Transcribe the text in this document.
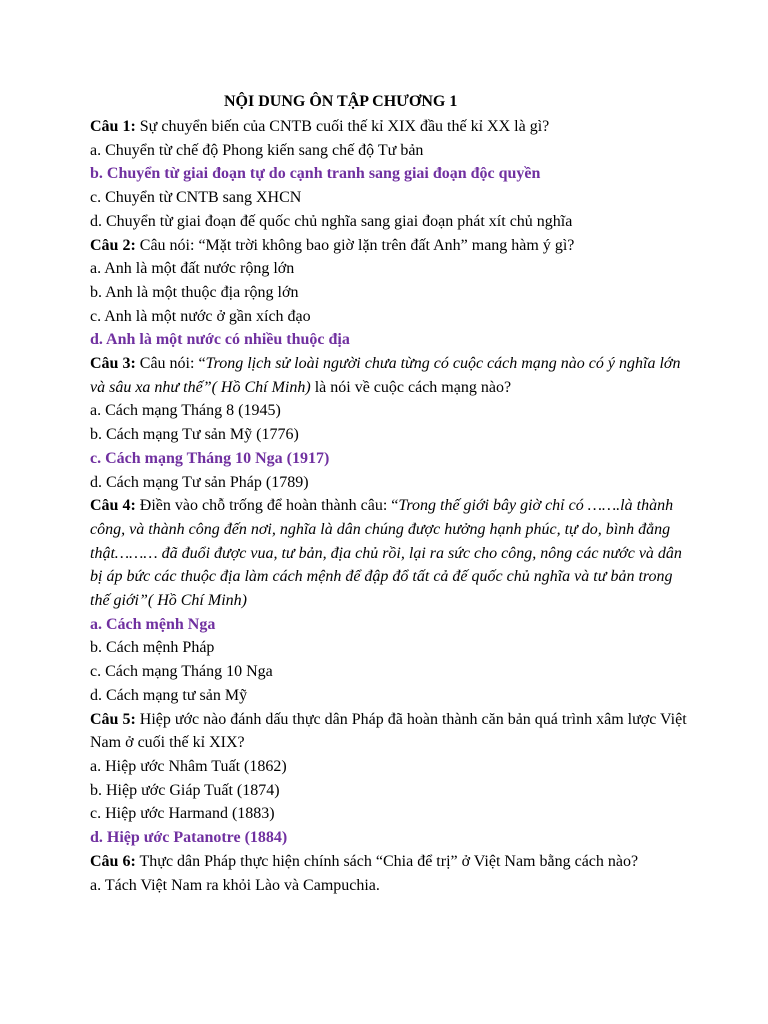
NỘI DUNG ÔN TẬP CHƯƠNG 1
Câu 1: Sự chuyển biến của CNTB cuối thế kỉ XIX đầu thế kỉ XX là gì?
a. Chuyển từ chế độ Phong kiến sang chế độ Tư bản
b. Chuyển từ giai đoạn tự do cạnh tranh sang giai đoạn độc quyền
c. Chuyển từ CNTB sang XHCN
d. Chuyển từ giai đoạn đế quốc chủ nghĩa sang giai đoạn phát xít chủ nghĩa
Câu 2: Câu nói: “Mặt trời không bao giờ lặn trên đất Anh” mang hàm ý gì?
a. Anh là một đất nước rộng lớn
b. Anh là một thuộc địa rộng lớn
c. Anh là một nước ở gần xích đạo
d. Anh là một nước có nhiều thuộc địa
Câu 3: Câu nói: “Trong lịch sử loài người chưa từng có cuộc cách mạng nào có ý nghĩa lớn và sâu xa như thế”( Hồ Chí Minh) là nói về cuộc cách mạng nào?
a. Cách mạng Tháng 8 (1945)
b. Cách mạng Tư sản Mỹ (1776)
c. Cách mạng Tháng 10 Nga (1917)
d. Cách mạng Tư sản Pháp (1789)
Câu 4: Điền vào chỗ trống để hoàn thành câu: “Trong thế giới bây giờ chỉ có …….là thành công, và thành công đến nơi, nghĩa là dân chúng được hưởng hạnh phúc, tự do, bình đẳng thật……… đã đuổi được vua, tư bản, địa chủ rồi, lại ra sức cho công, nông các nước và dân bị áp bức các thuộc địa làm cách mệnh để đập đổ tất cả đế quốc chủ nghĩa và tư bản trong thế giới”( Hồ Chí Minh)
a. Cách mệnh Nga
b. Cách mệnh Pháp
c. Cách mạng Tháng 10 Nga
d. Cách mạng tư sản Mỹ
Câu 5: Hiệp ước nào đánh dấu thực dân Pháp đã hoàn thành căn bản quá trình xâm lược Việt Nam ở cuối thế kỉ XIX?
a. Hiệp ước Nhâm Tuất (1862)
b. Hiệp ước Giáp Tuất (1874)
c. Hiệp ước Harmand (1883)
d. Hiệp ước Patanotre (1884)
Câu 6: Thực dân Pháp thực hiện chính sách “Chia để trị” ở Việt Nam bằng cách nào?
a. Tách Việt Nam ra khỏi Lào và Campuchia.
